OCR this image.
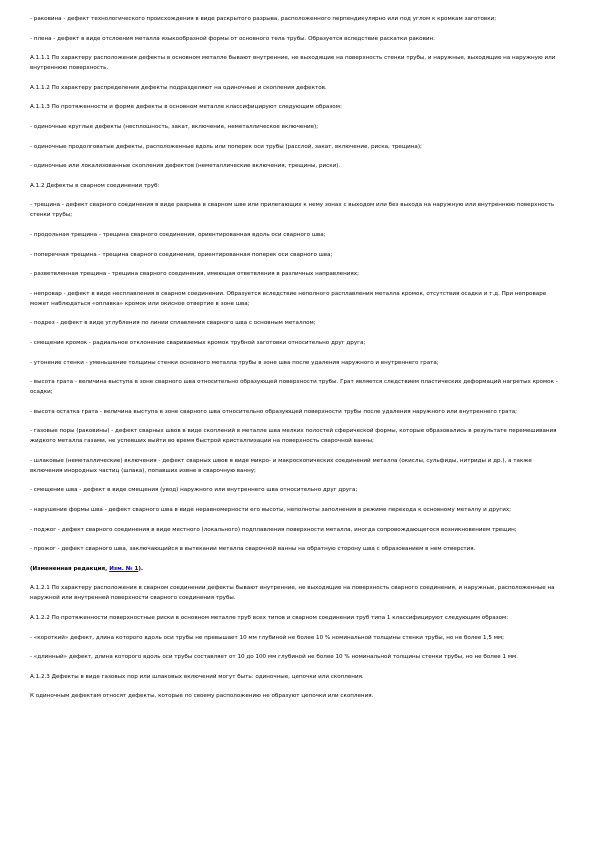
- раковина - дефект технологического происхождения в виде раскрытого разрыва, расположенного перпендикулярно или под углом к кромкам заготовки;

- плена - дефект в виде отслоения металла языкообразной формы от основного тела трубы. Образуется вследствие раскатки раковин.

А.1.1.1 По характеру расположения дефекты в основном металле бывают внутренние, не выходящие на поверхность стенки трубы, и наружные, выходящие на наружную или внутреннюю поверхность.

А.1.1.2 По характеру распределения дефекты подразделяют на одиночные и скопления дефектов.

А.1.1.3 По протяженности и форме дефекты в основном металле классифицируют следующим образом:

- одиночные круглые дефекты (несплошность, закат, включение, неметаллическое включение);

- одиночные продолговатые дефекты, расположенные вдоль или поперек оси трубы (расслой, закат, включение, риска, трещина);

- одиночные или локализованные скопления дефектов (неметаллические включения, трещины, риски).

А.1.2 Дефекты в сварном соединении труб:

- трещина - дефект сварного соединения в виде разрыва в сварном шве или прилегающих к нему зонах с выходом или без выхода на наружную или внутреннюю поверхность стенки трубы;

- продольная трещина - трещина сварного соединения, ориентированная вдоль оси сварного шва;

- поперечная трещина - трещина сварного соединения, ориентированная поперек оси сварного шва;

- разветвленная трещина - трещина сварного соединения, имеющая ответвления в различных направлениях;

- непровар - дефект в виде несплавления в сварном соединении. Образуется вследствие неполного расплавления металла кромок, отсутствия осадки и т.д. При непроваре может наблюдаться «оплавка» кромок или окисное отвертие в зоне шва;

- подрез - дефект в виде углубления по линии сплавления сварного шва с основным металлом;

- смещение кромок - радиальное отклонение свариваемых кромок трубной заготовки относительно друг друга;

- утонение стенки - уменьшение толщины стенки основного металла трубы в зоне шва после удаления наружного и внутреннего грата;

- высота грата - величина выступа в зоне сварного шва относительно образующей поверхности трубы. Грат является следствием пластических деформаций нагретых кромок - осадки;

- высота остатка грата - величина выступа в зоне сварного шва относительно образующей поверхности трубы после удаления наружного или внутреннего грата;

- газовые поры (раковины) - дефект сварных швов в виде скоплений в металле шва мелких полостей сферической формы, которые образовались в результате перемешивания жидкого металла газами, не успевших выйти во время быстрой кристаллизации на поверхность сварочной ванны;

- шлаковые (неметаллические) включения - дефект сварных швов в виде микро- и макроскопических соединений металла (окислы, сульфиды, нитриды и др.), а также включения инородных частиц (шлака), попавших извне в сварочную ванну;

- смещение шва - дефект в виде смещения (увод) наружного или внутреннего шва относительно друг друга;

- нарушение формы шва - дефект сварного шва в виде неравномерности его высоты, неполноты заполнения в режиме перехода к основному металлу и других;

- поджог - дефект сварного соединения в виде местного (локального) подплавления поверхности металла, иногда сопровождающегося возникновением трещин;

- прожог - дефект сварного шва, заключающийся в вытекании металла сварочной ванны на обратную сторону шва с образованием в нем отверстия.

(Измененная редакция, Изм. № 1).

А.1.2.1 По характеру расположения в сварном соединении дефекты бывают внутренние, не выходящие на поверхность сварного соединения, и наружные, расположенные на наружной или внутренней поверхности сварного соединения трубы.

А.1.2.2 По протяженности поверхностные риски в основном металле труб всех типов и сварном соединении труб типа 1 классифицируют следующим образом:

- «короткий» дефект, длина которого вдоль оси трубы не превышает 10 мм глубиной не более 10 % номинальной толщины стенки трубы, но не более 1,5 мм;

- «длинный» дефект, длина которого вдоль оси трубы составляет от 10 до 100 мм глубиной не более 10 % номинальной толщины стенки трубы, но не более 1 мм.

А.1.2.3 Дефекты в виде газовых пор или шлаковых включений могут быть: одиночные, цепочки или скопления.

К одиночным дефектам относят дефекты, которые по своему расположению не образуют цепочки или скопления.
